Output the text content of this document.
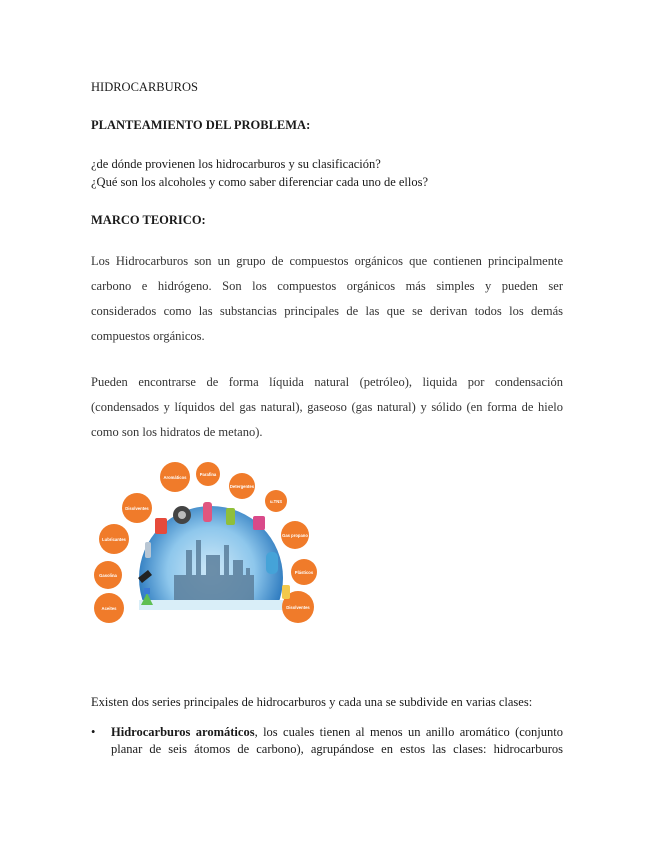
HIDROCARBUROS
PLANTEAMIENTO DEL PROBLEMA:
¿de dónde provienen los hidrocarburos y su clasificación?
¿Qué son los alcoholes y como saber diferenciar cada uno de ellos?
MARCO TEORICO:
Los Hidrocarburos son un grupo de compuestos orgánicos que contienen principalmente
carbono e hidrógeno. Son los compuestos orgánicos más simples y pueden ser
considerados como las substancias principales de las que se derivan todos los demás
compuestos orgánicos.
Pueden encontrarse de forma líquida natural (petróleo), liquida por condensación
(condensados y líquidos del gas natural), gaseoso (gas natural) y sólido (en forma de hielo
como son los hidratos de metano).
Aromáticos
Parafina
Detergentes
u.TNS
Gas propano
Plásticos
Disolventes
Disolventes
Lubricantes
Gasolina
Aceites
Existen dos series principales de hidrocarburos y cada una se subdivide en varias clases:
• Hidrocarburos aromáticos, los cuales tienen al menos un anillo aromático (conjunto
planar de seis átomos de carbono), agrupándose en estos las clases: hidrocarburos
